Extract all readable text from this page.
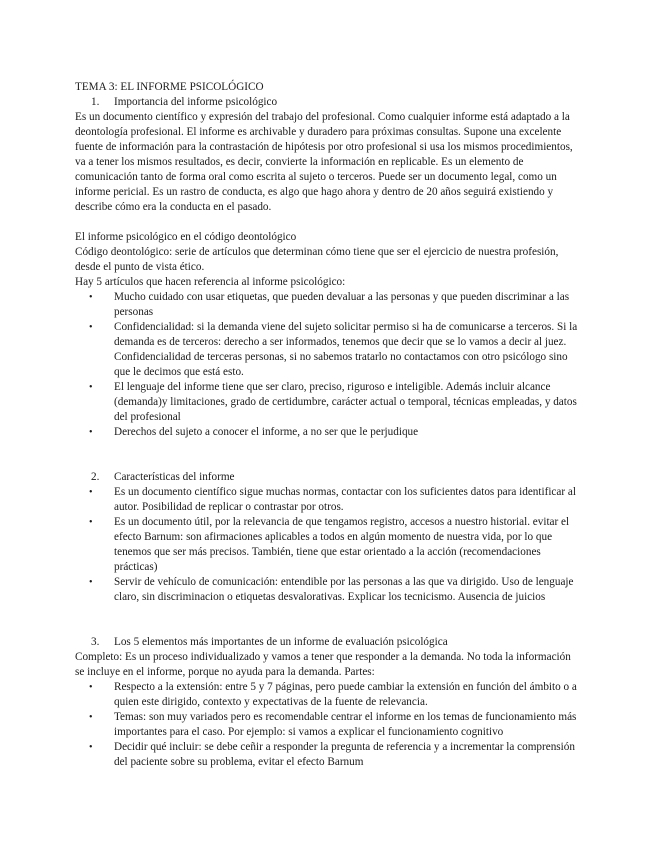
TEMA 3: EL INFORME PSICOLÓGICO

1.	Importancia del informe psicológico

Es un documento científico y expresión del trabajo del profesional. Como cualquier informe está adaptado a la deontología profesional. El informe es archivable y duradero para próximas consultas. Supone una excelente fuente de información para la contrastación de hipótesis por otro profesional si usa los mismos procedimientos, va a tener los mismos resultados, es decir, convierte la información en replicable. Es un elemento de comunicación tanto de forma oral como escrita al sujeto o terceros. Puede ser un documento legal, como un informe pericial. Es un rastro de conducta, es algo que hago ahora y dentro de 20 años seguirá existiendo y describe cómo era la conducta en el pasado.

El informe psicológico en el código deontológico

Código deontológico: serie de artículos que determinan cómo tiene que ser el ejercicio de nuestra profesión, desde el punto de vista ético.

Hay 5 artículos que hacen referencia al informe psicológico:

•	Mucho cuidado con usar etiquetas, que pueden devaluar a las personas y que pueden discriminar a las personas
•	Confidencialidad: si la demanda viene del sujeto solicitar permiso si ha de comunicarse a terceros. Si la demanda es de terceros: derecho a ser informados, tenemos que decir que se lo vamos a decir al juez. Confidencialidad de terceras personas, si no sabemos tratarlo no contactamos con otro psicólogo sino que le decimos que está esto.
•	El lenguaje del informe tiene que ser claro, preciso, riguroso e inteligible. Además incluir alcance (demanda)y limitaciones, grado de certidumbre, carácter actual o temporal, técnicas empleadas, y datos del profesional
•	Derechos del sujeto a conocer el informe, a no ser que le perjudique
2.	Características del informe
•	Es un documento científico sigue muchas normas, contactar con los suficientes datos para identificar al autor. Posibilidad de replicar o contrastar por otros.
•	Es un documento útil, por la relevancia de que tengamos registro, accesos a nuestro historial. evitar el efecto Barnum: son afirmaciones aplicables a todos en algún momento de nuestra vida, por lo que tenemos que ser más precisos. También, tiene que estar orientado a la acción (recomendaciones prácticas)
•	Servir de vehículo de comunicación: entendible por las personas a las que va dirigido. Uso de lenguaje claro, sin discriminacion o etiquetas desvalorativas. Explicar los tecnicismo. Ausencia de juicios
3.	Los 5 elementos más importantes de un informe de evaluación psicológica

Completo: Es un proceso individualizado y vamos a tener que responder a la demanda. No toda la información se incluye en el informe, porque no ayuda para la demanda. Partes:

•	Respecto a la extensión: entre 5 y 7 páginas, pero puede cambiar la extensión en función del ámbito o a quien este dirigido, contexto y expectativas de la fuente de relevancia.
•	Temas: son muy variados pero es recomendable centrar el informe en los temas de funcionamiento más importantes para el caso. Por ejemplo: si vamos a explicar el funcionamiento cognitivo
•	Decidir qué incluir: se debe ceñir a responder la pregunta de referencia y a incrementar la comprensión del paciente sobre su problema, evitar el efecto Barnum
